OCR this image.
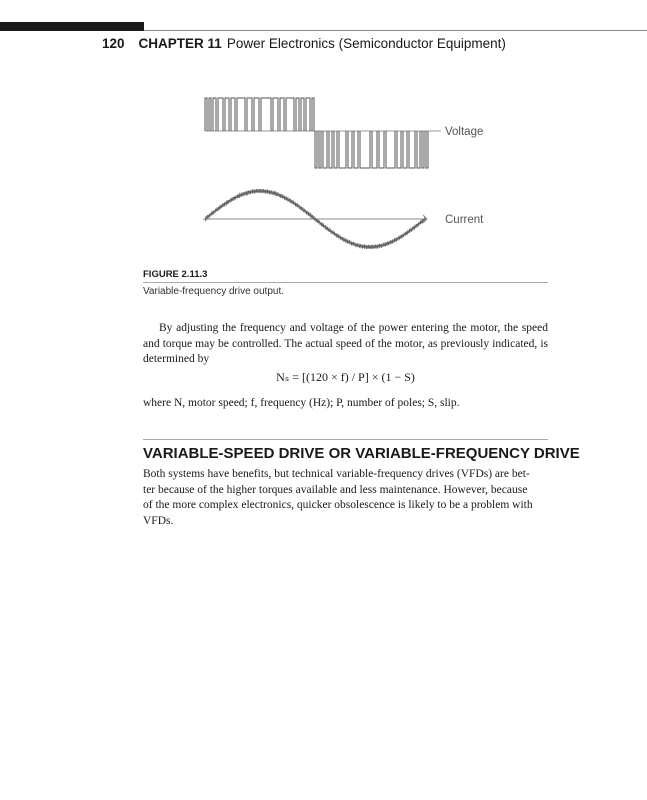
120 CHAPTER 11 Power Electronics (Semiconductor Equipment)
Voltage
Current
FIGURE 2.11.3
Variable-frequency drive output.
By adjusting the frequency and voltage of the power entering the motor, the speed and torque may be controlled. The actual speed of the motor, as previously indicated, is determined by
Nₛ = [(120 × f) / P] × (1 − S)
where N, motor speed; f, frequency (Hz); P, number of poles; S, slip.
VARIABLE-SPEED DRIVE OR VARIABLE-FREQUENCY DRIVE
Both systems have benefits, but technical variable-frequency drives (VFDs) are bet-
ter because of the higher torques available and less maintenance. However, because
of the more complex electronics, quicker obsolescence is likely to be a problem with
VFDs.
